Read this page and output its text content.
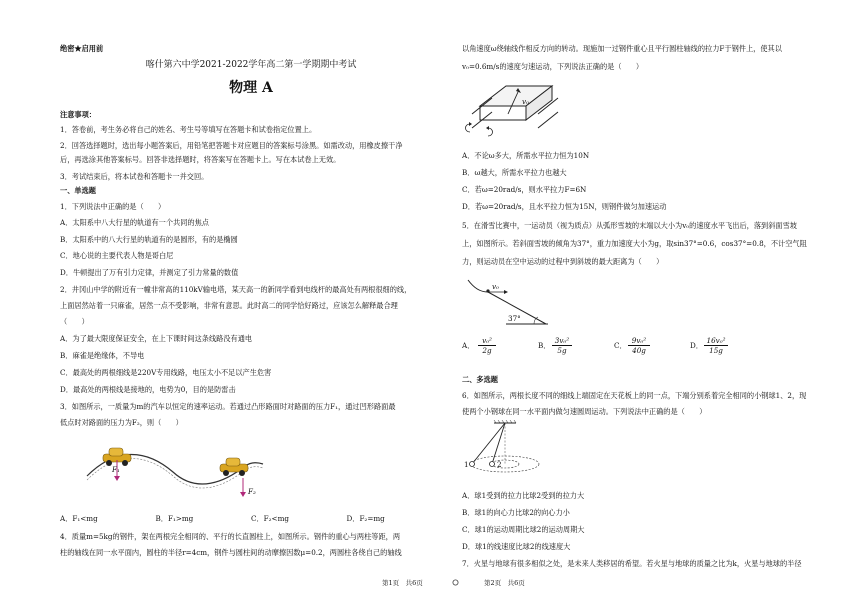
绝密★启用前
喀什第六中学2021-2022学年高二第一学期期中考试
物理 A
注意事项：
1．答卷前，考生务必将自己的姓名、考生号等填写在答题卡和试卷指定位置上。
2．回答选择题时，选出每小题答案后，用铅笔把答题卡对应题目的答案标号涂黑。如需改动，用橡皮擦干净
后，再选涂其他答案标号。回答非选择题时，将答案写在答题卡上。写在本试卷上无效。
3．考试结束后，将本试卷和答题卡一并交回。
一、单选题
1．下列说法中正确的是（　　）
A．太阳系中八大行星的轨道有一个共同的焦点
B．太阳系中的八大行星的轨道有的是圆形，有的是椭圆
C．地心说的主要代表人物是哥白尼
D．牛顿提出了万有引力定律，并测定了引力常量的数值
2．井冈山中学的附近有一幢非常高的110kV输电塔，某天高一的新同学看到电线杆的最高处有两根很细的线，
上面居然站着一只麻雀，居然一点不受影响，非常有意思。此时高二的同学恰好路过，应该怎么解释最合理
（　　）
A．为了最大限度保证安全，在上下课时间这条线路没有通电
B．麻雀是绝缘体，不导电
C．最高处的两根细线是220V专用线路，电压太小不足以产生危害
D．最高处的两根线是接地的，电势为0，目的是防雷击
3．如图所示，一质量为m的汽车以恒定的速率运动。若通过凸形路面时对路面的压力F₁，通过凹形路面最
低点时对路面的压力为F₂，则（　　）
F₁
F₂
A．F₁<mg	B．F₁>mg	C．F₂<mg	D．F₂=mg
4．质量m=5kg的钢件，架在两根完全相同的、平行的长直圆柱上，如图所示。钢件的重心与两柱等距，两
柱的轴线在同一水平面内，圆柱的半径r=4cm，钢件与圆柱间的动摩擦因数μ=0.2，两圆柱各绕自己的轴线
以角速度ω绕轴线作相反方向的转动。现施加一过钢件重心且平行圆柱轴线的拉力F于钢件上，使其以
v₀=0.6m/s的速度匀速运动，下列说法正确的是（　　）
v₀
A．不论ω多大，所需水平拉力恒为10N
B．ω越大，所需水平拉力也越大
C．若ω=20rad/s，则水平拉力F=6N
D．若ω=20rad/s，且水平拉力恒为15N，则钢件做匀加速运动
5．在滑雪比赛中，一运动员（视为质点）从弧形雪坡的末端以大小为v₀的速度水平飞出后，落到斜面雪坡
上，如图所示。若斜面雪坡的倾角为37°，重力加速度大小为g，取sin37°=0.6，cos37°=0.8，不计空气阻
力，则运动员在空中运动的过程中到斜坡的最大距离为（　　）
v₀
37°
A．
v₀²
2g
B．
3v₀²
5g
C．
9v₀²
40g
D．
16v₀²
15g
二、多选题
6．如图所示，两根长度不同的细线上端固定在天花板上的同一点，下端分别系着完全相同的小钢球1、2，现
使两个小钢球在同一水平面内做匀速圆周运动。下列说法中正确的是（　　）
1	2
A．球1受到的拉力比球2受到的拉力大
B．球1的向心力比球2的向心力小
C．球1的运动周期比球2的运动周期大
D．球1的线速度比球2的线速度大
7．火星与地球有很多相似之处，是未来人类移居的希望。若火星与地球的质量之比为k，火星与地球的半径
第1页　共6页	第2页　共6页
